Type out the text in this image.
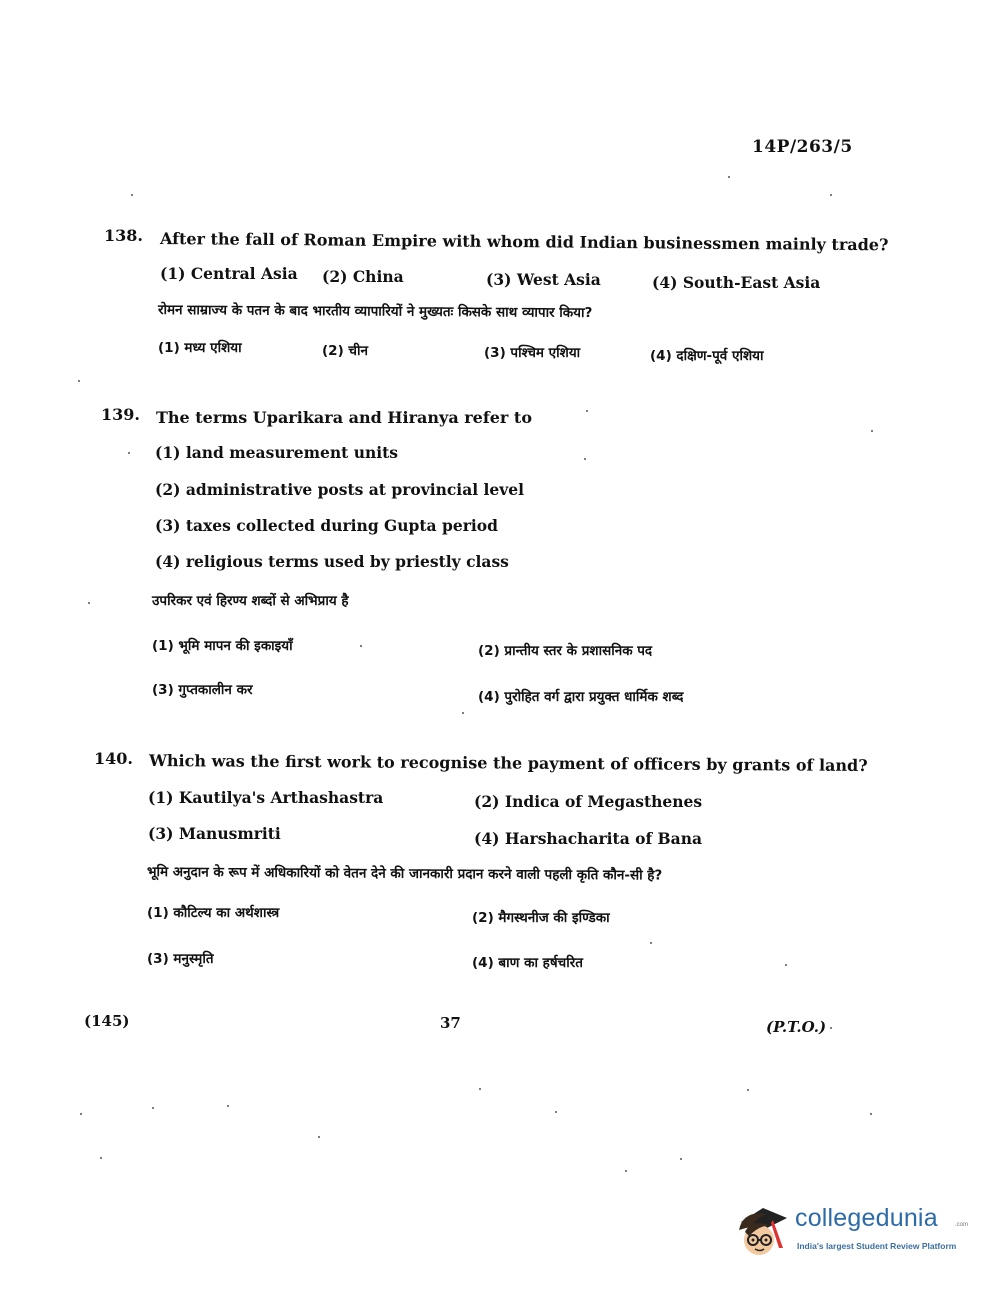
14P/263/5
138. After the fall of Roman Empire with whom did Indian businessmen mainly trade?
(1) Central Asia (2) China	(3) West Asia	(4) South-East Asia
रोमन साम्राज्य के पतन के बाद भारतीय व्यापारियों ने मुख्यतः किसके साथ व्यापार किया?
(1) मध्य एशिया	(2) चीन	(3) पश्चिम एशिया	(4) दक्षिण-पूर्व एशिया
139. The terms Uparikara and Hiranya refer to
(1) land measurement units
(2) administrative posts at provincial level
(3) taxes collected during Gupta period
(4) religious terms used by priestly class
उपरिकर एवं हिरण्य शब्दों से अभिप्राय है
(1) भूमि मापन की इकाइयाँ	(2) प्रान्तीय स्तर के प्रशासनिक पद
(3) गुप्तकालीन कर	(4) पुरोहित वर्ग द्वारा प्रयुक्त धार्मिक शब्द
140. Which was the first work to recognise the payment of officers by grants of land?
(1) Kautilya's Arthashastra	(2) Indica of Megasthenes
(3) Manusmriti	(4) Harshacharita of Bana
भूमि अनुदान के रूप में अधिकारियों को वेतन देने की जानकारी प्रदान करने वाली पहली कृति कौन-सी है?
(1) कौटिल्य का अर्थशास्त्र	(2) मैगस्थनीज की इण्डिका
(3) मनुस्मृति	(4) बाण का हर्षचरित
(145)	37	(P.T.O.)
collegedunia	.com
India's largest Student Review Platform
